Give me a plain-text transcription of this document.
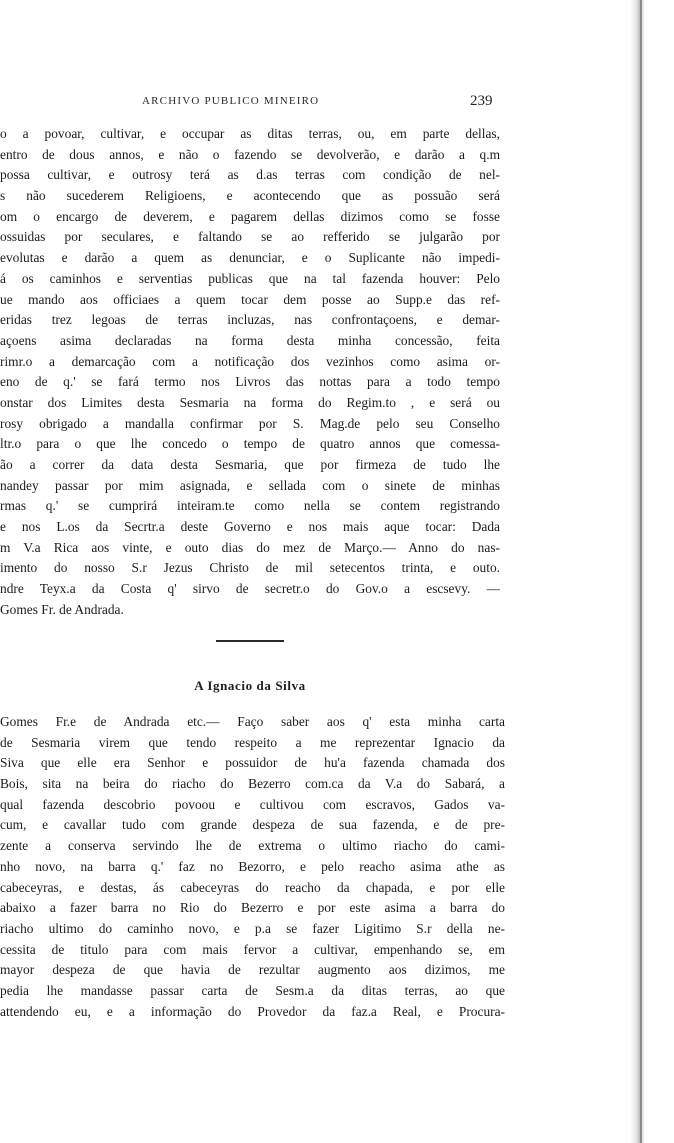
ARCHIVO PUBLICO MINEIRO	239
o a povoar, cultivar, e occupar as ditas terras, ou, em parte dellas,
entro de dous annos, e não o fazendo se devolverão, e darão a q.m
possa cultivar, e outrosy terá as d.as terras com condição de nel-
s não sucederem Religioens, e acontecendo que as possuão será
om o encargo de deverem, e pagarem dellas dizimos como se fosse
ossuidas por seculares, e faltando se ao refferido se julgarão por
evolutas e darão a quem as denunciar, e o Suplicante não impedi-
á os caminhos e serventias publicas que na tal fazenda houver: Pelo
ue mando aos officiaes a quem tocar dem posse ao Supp.e das ref-
eridas trez legoas de terras incluzas, nas confrontaçoens, e demar-
açoens asima declaradas na forma desta minha concessão, feita
rimr.o a demarcação com a notificação dos vezinhos como asima or-
eno de q.' se fará termo nos Livros das nottas para a todo tempo
onstar dos Limites desta Sesmaria na forma do Regim.to , e será ou
rosy obrigado a mandalla confirmar por S. Mag.de pelo seu Conselho
ltr.o para o que lhe concedo o tempo de quatro annos que comessa-
ão a correr da data desta Sesmaria, que por firmeza de tudo lhe
nandey passar por mim asignada, e sellada com o sinete de minhas
rmas q.' se cumprirá inteiram.te como nella se contem registrando
e nos L.os da Secrtr.a deste Governo e nos mais aque tocar: Dada
m V.a Rica aos vinte, e outo dias do mez de Março.— Anno do nas-
imento do nosso S.r Jezus Christo de mil setecentos trinta, e outo.
ndre Teyx.a da Costa q' sirvo de secretr.o do Gov.o a escsevy. —
Gomes Fr. de Andrada.
A Ignacio da Silva
Gomes Fr.e de Andrada etc.— Faço saber aos q' esta minha carta
de Sesmaria virem que tendo respeito a me reprezentar Ignacio da
Siva que elle era Senhor e possuidor de hu'a fazenda chamada dos
Bois, sita na beira do riacho do Bezerro com.ca da V.a do Sabará, a
qual fazenda descobrio povoou e cultivou com escravos, Gados va-
cum, e cavallar tudo com grande despeza de sua fazenda, e de pre-
zente a conserva servindo lhe de extrema o ultimo riacho do cami-
nho novo, na barra q.' faz no Bezorro, e pelo reacho asima athe as
cabeceyras, e destas, ás cabeceyras do reacho da chapada, e por elle
abaixo a fazer barra no Rio do Bezerro e por este asima a barra do
riacho ultimo do caminho novo, e p.a se fazer Ligitimo S.r della ne-
cessita de titulo para com mais fervor a cultivar, empenhando se, em
mayor despeza de que havia de rezultar augmento aos dizimos, me
pedia lhe mandasse passar carta de Sesm.a da ditas terras, ao que
attendendo eu, e a informação do Provedor da faz.a Real, e Procura-
